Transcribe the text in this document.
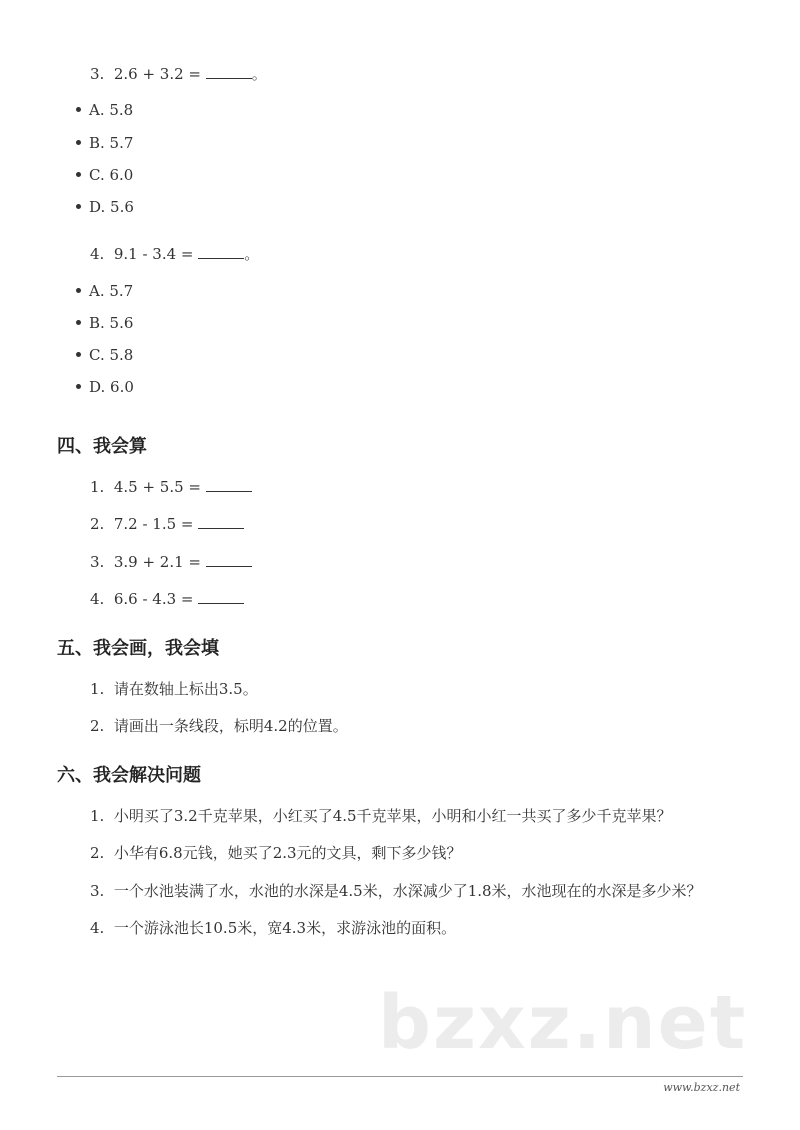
3.  2.6 + 3.2 =	。
A. 5.8
B. 5.7
C. 6.0
D. 5.6
4.  9.1 - 3.4 =	。
A. 5.7
B. 5.6
C. 5.8
D. 6.0
四、我会算
1.  4.5 + 5.5 =
2.  7.2 - 1.5 =
3.  3.9 + 2.1 =
4.  6.6 - 4.3 =
五、我会画，我会填
1.  请在数轴上标出3.5。
2.  请画出一条线段，标明4.2的位置。
六、我会解决问题
1.  小明买了3.2千克苹果，小红买了4.5千克苹果，小明和小红一共买了多少千克苹果？
2.  小华有6.8元钱，她买了2.3元的文具，剩下多少钱？
3.  一个水池装满了水，水池的水深是4.5米，水深减少了1.8米，水池现在的水深是多少米？
4.  一个游泳池长10.5米，宽4.3米，求游泳池的面积。
bzxz.net
www.bzxz.net
